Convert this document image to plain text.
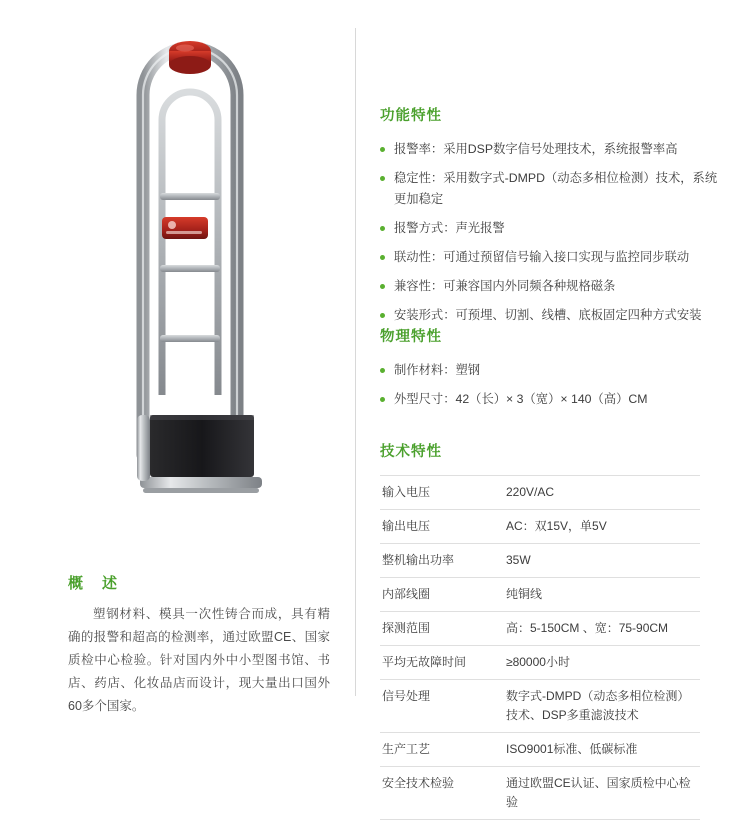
概　述

塑钢材料、模具一次性铸合而成，具有精确的报警和超高的检测率，通过欧盟CE、国家质检中心检验。针对国内外中小型图书馆、书店、药店、化妆品店而设计，现大量出口国外60多个国家。

功能特性
报警率：采用DSP数字信号处理技术，系统报警率高
稳定性：采用数字式-DMPD（动态多相位检测）技术，系统更加稳定
报警方式：声光报警
联动性：可通过预留信号输入接口实现与监控同步联动
兼容性：可兼容国内外同频各种规格磁条
安装形式：可预埋、切割、线槽、底板固定四种方式安装
物理特性
制作材料：塑钢
外型尺寸：42（长）× 3（宽）× 140（高）CM
技术特性
输入电压	220V/AC
输出电压	AC：双15V，单5V
整机输出功率	35W
内部线圈	纯铜线
探测范围	高：5-150CM 、宽：75-90CM
平均无故障时间	≥80000小时
信号处理	数字式-DMPD（动态多相位检测）技术、DSP多重滤波技术
生产工艺	ISO9001标准、低碳标准
安全技术检验	通过欧盟CE认证、国家质检中心检验
